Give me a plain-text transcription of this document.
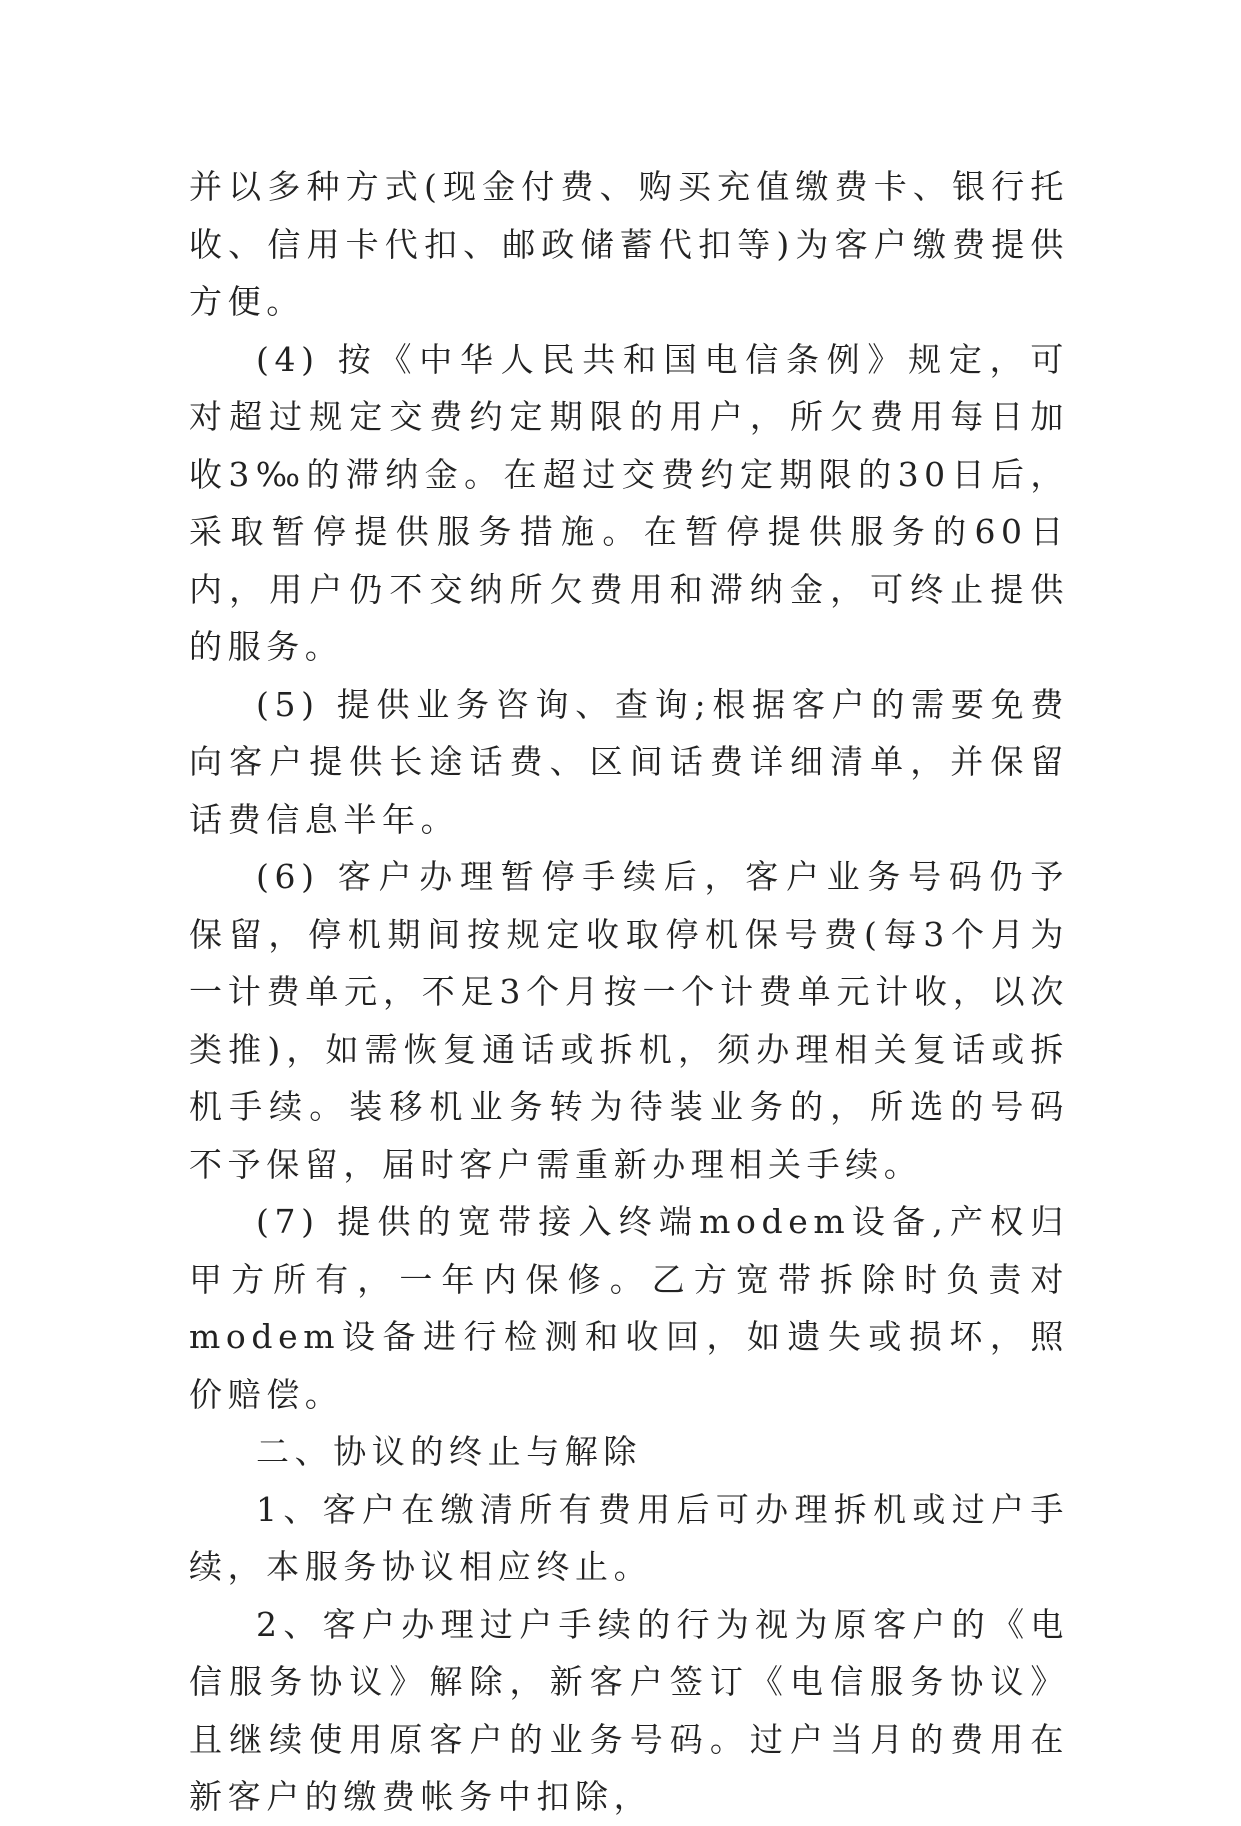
并以多种方式(现金付费、购买充值缴费卡、银行托收、信用卡代扣、邮政储蓄代扣等)为客户缴费提供方便。

(4) 按《中华人民共和国电信条例》规定，可对超过规定交费约定期限的用户，所欠费用每日加收3‰的滞纳金。在超过交费约定期限的30日后，采取暂停提供服务措施。在暂停提供服务的60日内，用户仍不交纳所欠费用和滞纳金，可终止提供的服务。

(5) 提供业务咨询、查询;根据客户的需要免费向客户提供长途话费、区间话费详细清单，并保留话费信息半年。

(6) 客户办理暂停手续后，客户业务号码仍予保留，停机期间按规定收取停机保号费(每3个月为一计费单元，不足3个月按一个计费单元计收，以次类推)，如需恢复通话或拆机，须办理相关复话或拆机手续。装移机业务转为待装业务的，所选的号码不予保留，届时客户需重新办理相关手续。

(7) 提供的宽带接入终端modem设备,产权归甲方所有，一年内保修。乙方宽带拆除时负责对modem设备进行检测和收回，如遗失或损坏，照价赔偿。

二、协议的终止与解除

1、客户在缴清所有费用后可办理拆机或过户手续，本服务协议相应终止。

2、客户办理过户手续的行为视为原客户的《电信服务协议》解除，新客户签订《电信服务协议》且继续使用原客户的业务号码。过户当月的费用在新客户的缴费帐务中扣除，
